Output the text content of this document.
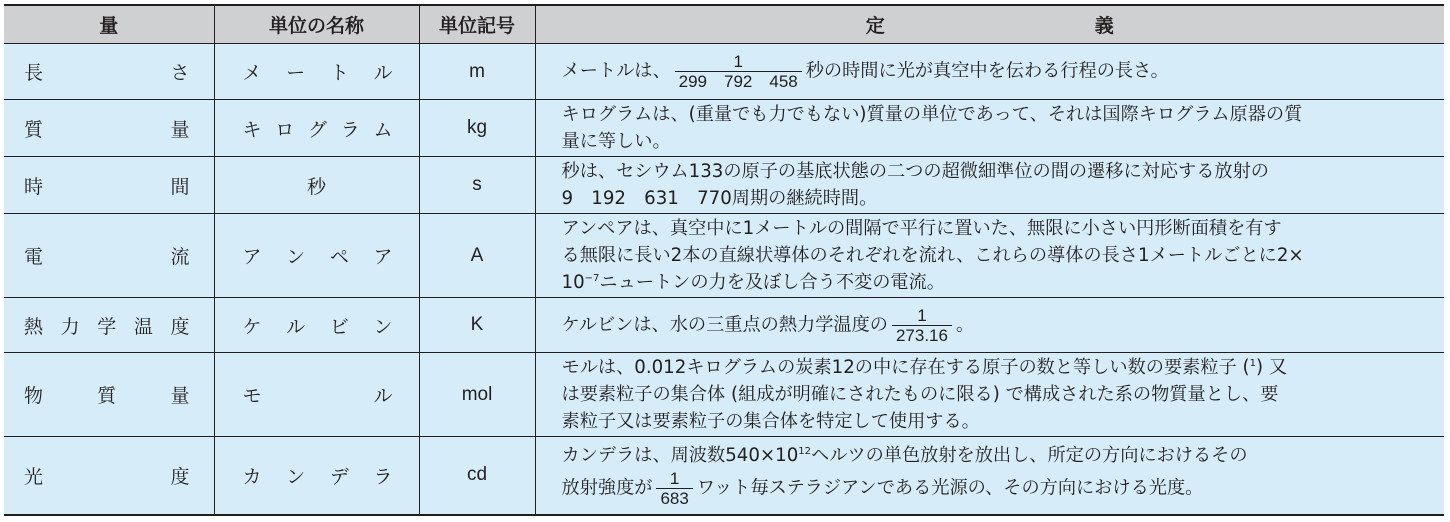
量	単位の名称	単位記号	定 義

長 さ	メ ー ト ル	m	メートルは、 $\frac{1}{299 792 458}$ 秒の時間に光が真空中を伝わる行程の長さ。

質 量	キ ロ グ ラ ム	kg	キログラムは、(重量でも力でもない)質量の単位であって、それは国際キログラム原器の質
量に等しい。

時 間	秒	s	秒は、セシウム133の原子の基底状態の二つの超微細準位の間の遷移に対応する放射の
9　192　631　770周期の継続時間。

電 流	ア ン ペ ア	A	アンペアは、真空中に1メートルの間隔で平行に置いた、無限に小さい円形断面積を有す
る無限に長い2本の直線状導体のそれぞれを流れ、これらの導体の長さ1メートルごとに2×
$10^{-7}$ニュートンの力を及ぼし合う不変の電流。

熱 力 学 温 度	ケ ル ビ ン	K	ケルビンは、水の三重点の熱力学温度の $\frac{1}{273.16}$ 。

物 質 量	モ ル	mol	モルは、0.012キログラムの炭素12の中に存在する原子の数と等しい数の要素粒子 ($^1$) 又
は要素粒子の集合体 (組成が明確にされたものに限る) で構成された系の物質量とし、要
素粒子又は要素粒子の集合体を特定して使用する。

光 度	カ ン デ ラ	cd	カンデラは、周波数$540\times 10^{12}$ヘルツの単色放射を放出し、所定の方向におけるその
放射強度が $\frac{1}{683}$ ワット毎ステラジアンである光源の、その方向における光度。
